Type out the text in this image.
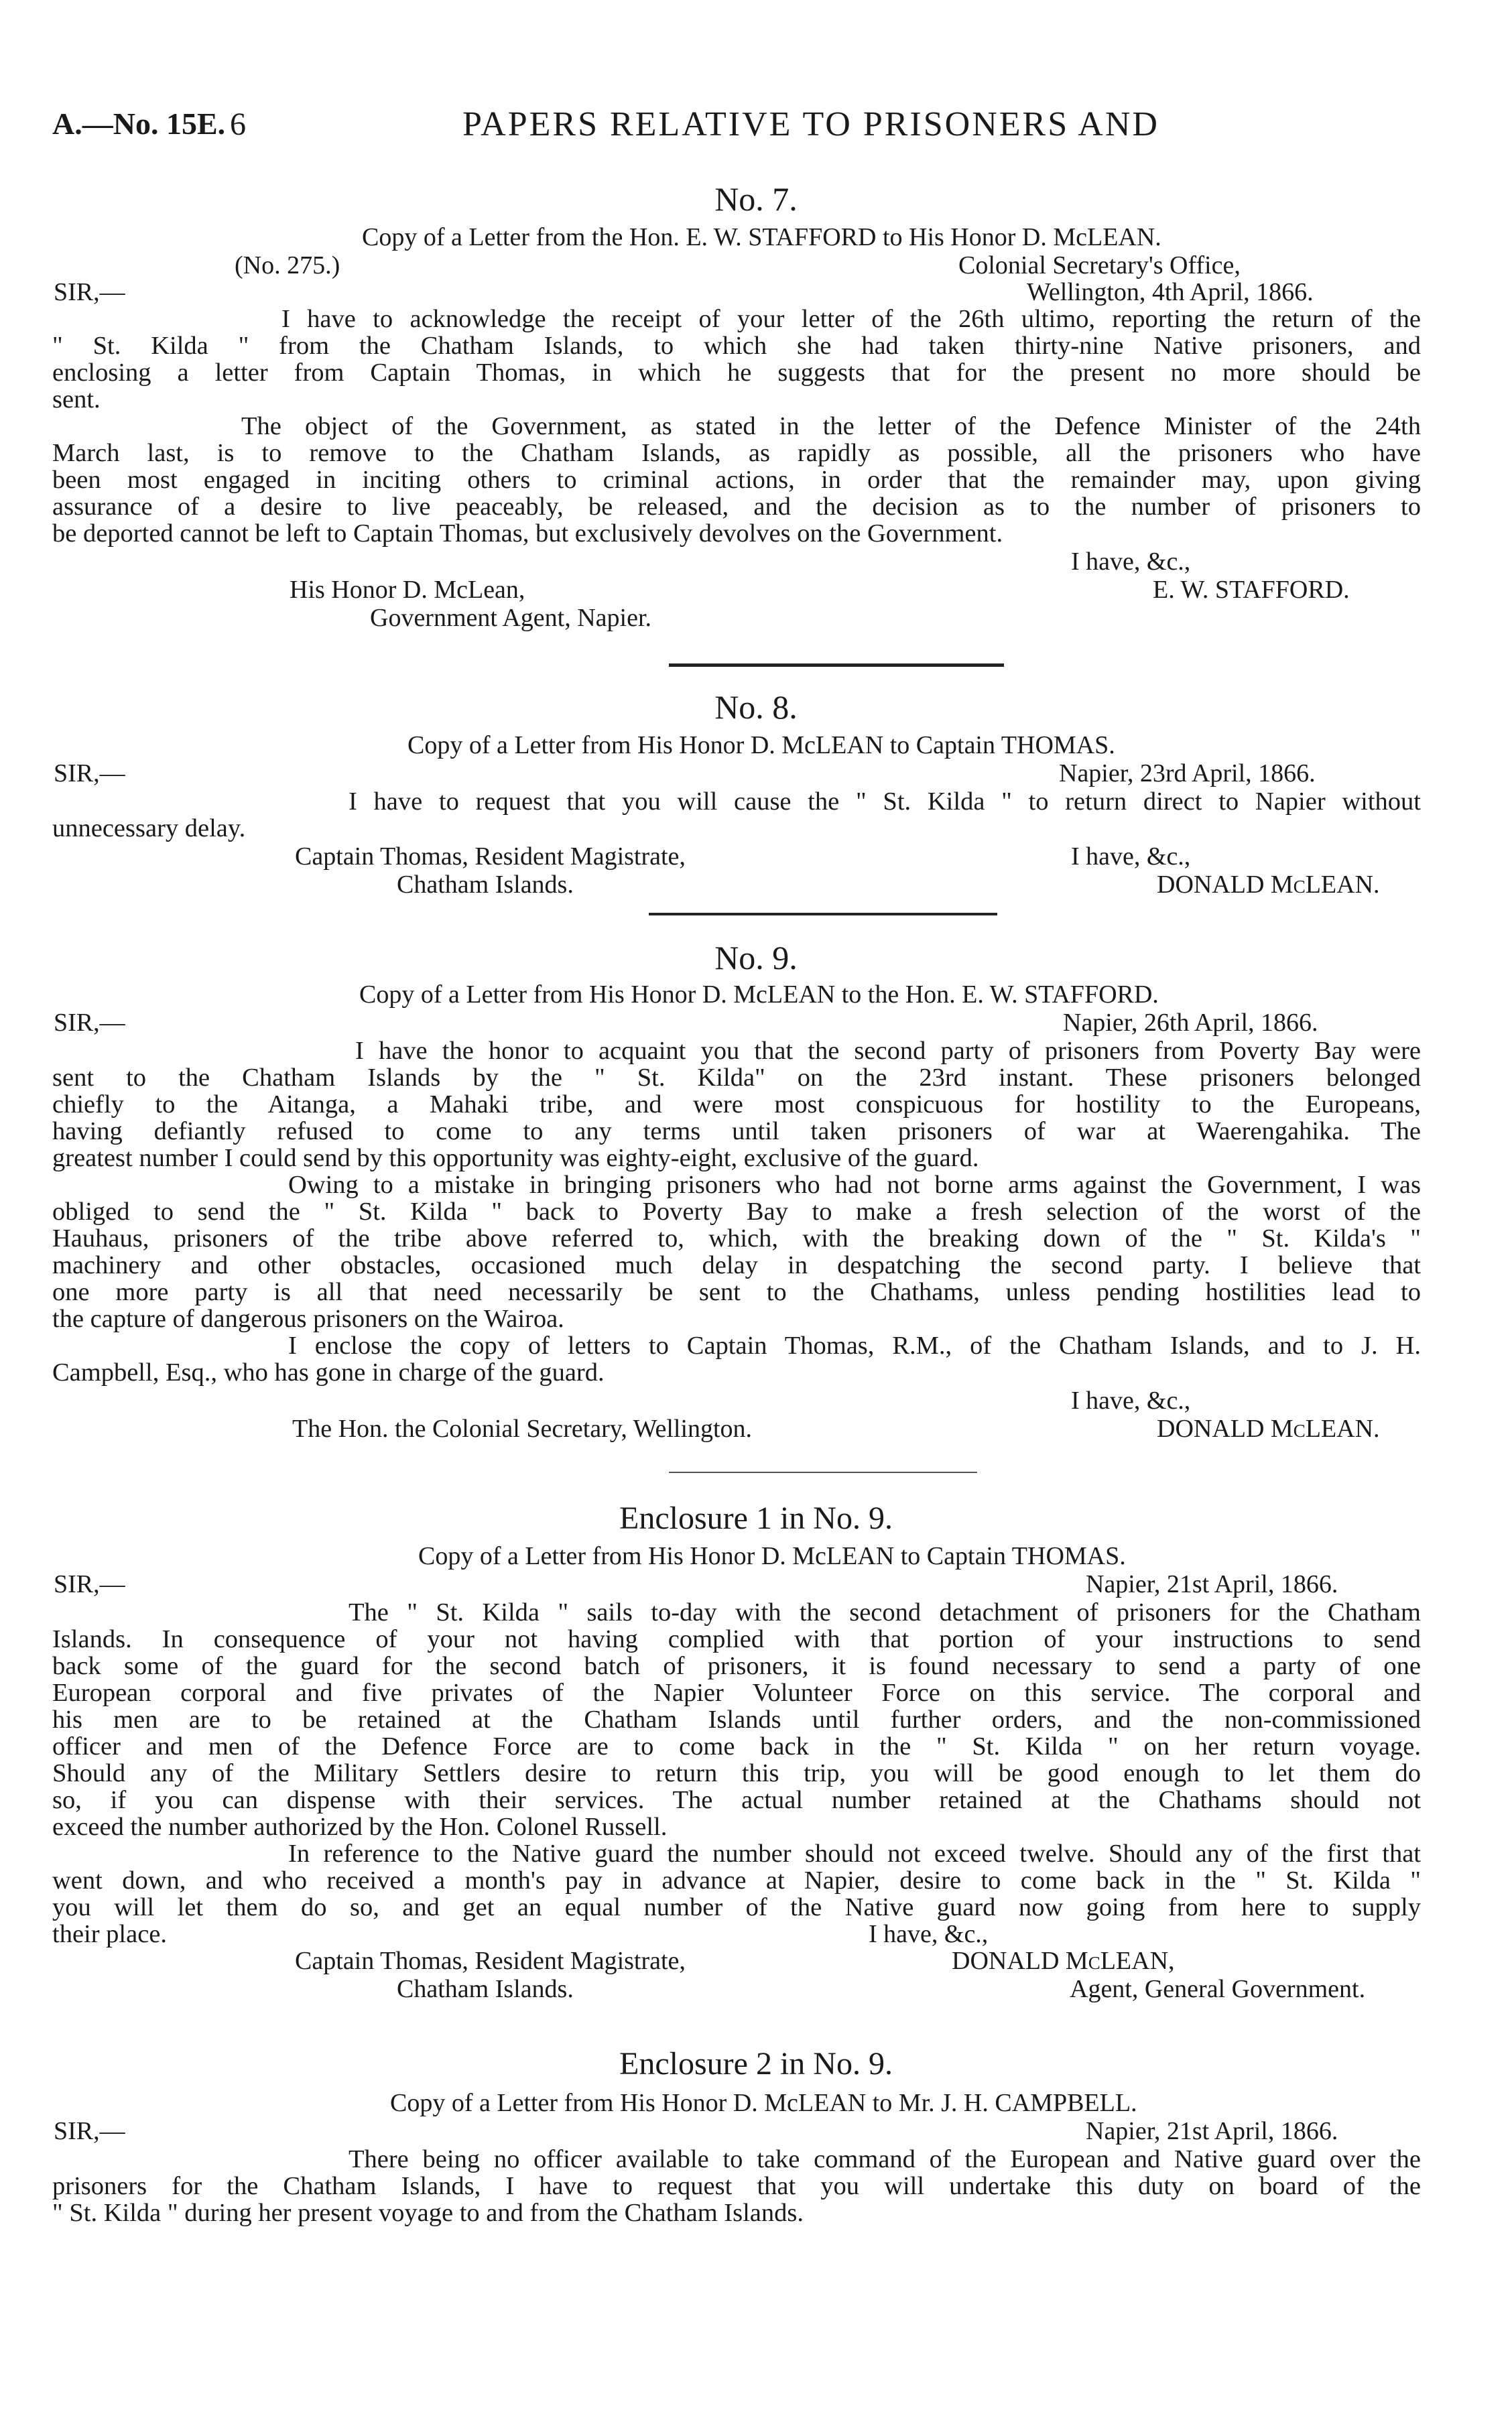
A.—No. 15E. 6	PAPERS RELATIVE TO PRISONERS AND
No. 7.
Copy of a Letter from the Hon. E. W. STAFFORD to His Honor D. McLEAN.
(No. 275.)	Colonial Secretary's Office,
SIR,—	Wellington, 4th April, 1866.
I have to acknowledge the receipt of your letter of the 26th ultimo, reporting the return of the
" St. Kilda " from the Chatham Islands, to which she had taken thirty-nine Native prisoners, and
enclosing a letter from Captain Thomas, in which he suggests that for the present no more should be
sent.
The object of the Government, as stated in the letter of the Defence Minister of the 24th
March last, is to remove to the Chatham Islands, as rapidly as possible, all the prisoners who have
been most engaged in inciting others to criminal actions, in order that the remainder may, upon giving
assurance of a desire to live peaceably, be released, and the decision as to the number of prisoners to
be deported cannot be left to Captain Thomas, but exclusively devolves on the Government.
I have, &c.,
His Honor D. McLean,	E. W. STAFFORD.
Government Agent, Napier.
No. 8.
Copy of a Letter from His Honor D. McLEAN to Captain THOMAS.
SIR,—	Napier, 23rd April, 1866.
I have to request that you will cause the " St. Kilda " to return direct to Napier without
unnecessary delay.
Captain Thomas, Resident Magistrate,	I have, &c.,
Chatham Islands.	DONALD McLEAN.
No. 9.
Copy of a Letter from His Honor D. McLEAN to the Hon. E. W. STAFFORD.
SIR,—	Napier, 26th April, 1866.
I have the honor to acquaint you that the second party of prisoners from Poverty Bay were
sent to the Chatham Islands by the " St. Kilda" on the 23rd instant. These prisoners belonged
chiefly to the Aitanga, a Mahaki tribe, and were most conspicuous for hostility to the Europeans,
having defiantly refused to come to any terms until taken prisoners of war at Waerengahika. The
greatest number I could send by this opportunity was eighty-eight, exclusive of the guard.
Owing to a mistake in bringing prisoners who had not borne arms against the Government, I was
obliged to send the " St. Kilda " back to Poverty Bay to make a fresh selection of the worst of the
Hauhaus, prisoners of the tribe above referred to, which, with the breaking down of the " St. Kilda's "
machinery and other obstacles, occasioned much delay in despatching the second party. I believe that
one more party is all that need necessarily be sent to the Chathams, unless pending hostilities lead to
the capture of dangerous prisoners on the Wairoa.
I enclose the copy of letters to Captain Thomas, R.M., of the Chatham Islands, and to J. H.
Campbell, Esq., who has gone in charge of the guard.
I have, &c.,
The Hon. the Colonial Secretary, Wellington.	DONALD McLEAN.
Enclosure 1 in No. 9.
Copy of a Letter from His Honor D. McLEAN to Captain THOMAS.
SIR,—	Napier, 21st April, 1866.
The " St. Kilda " sails to-day with the second detachment of prisoners for the Chatham
Islands. In consequence of your not having complied with that portion of your instructions to send
back some of the guard for the second batch of prisoners, it is found necessary to send a party of one
European corporal and five privates of the Napier Volunteer Force on this service. The corporal and
his men are to be retained at the Chatham Islands until further orders, and the non-commissioned
officer and men of the Defence Force are to come back in the " St. Kilda " on her return voyage.
Should any of the Military Settlers desire to return this trip, you will be good enough to let them do
so, if you can dispense with their services. The actual number retained at the Chathams should not
exceed the number authorized by the Hon. Colonel Russell.
In reference to the Native guard the number should not exceed twelve. Should any of the first that
went down, and who received a month's pay in advance at Napier, desire to come back in the " St. Kilda "
you will let them do so, and get an equal number of the Native guard now going from here to supply
their place.	I have, &c.,
Captain Thomas, Resident Magistrate,	DONALD McLEAN,
Chatham Islands.	Agent, General Government.
Enclosure 2 in No. 9.
Copy of a Letter from His Honor D. McLEAN to Mr. J. H. CAMPBELL.
SIR,—	Napier, 21st April, 1866.
There being no officer available to take command of the European and Native guard over the
prisoners for the Chatham Islands, I have to request that you will undertake this duty on board of the
" St. Kilda " during her present voyage to and from the Chatham Islands.
